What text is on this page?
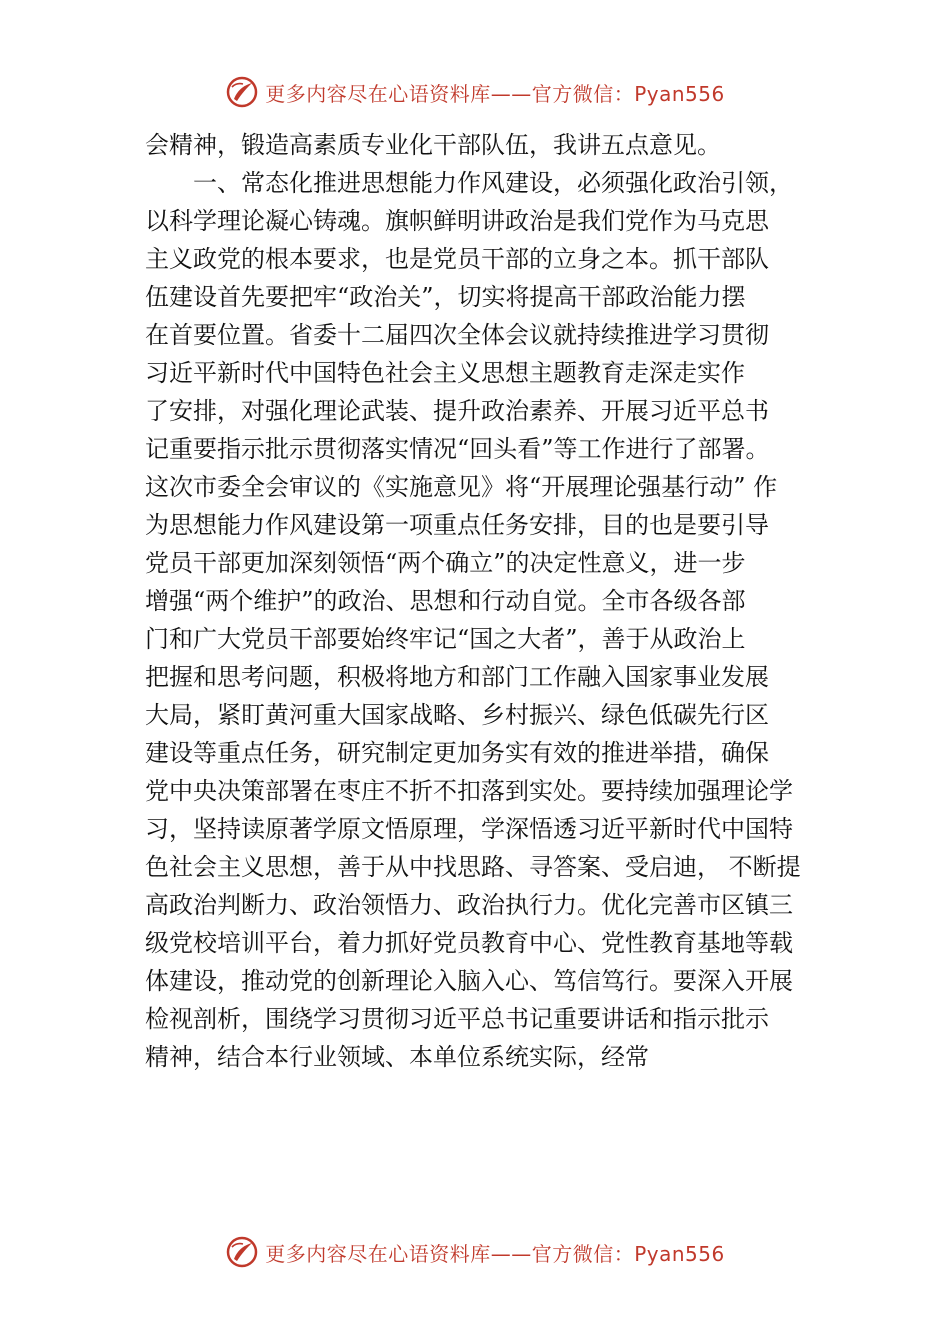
更多内容尽在心语资料库——官方微信：Pyan556
会精神，锻造高素质专业化干部队伍，我讲五点意见。
　　一、常态化推进思想能力作风建设，必须强化政治引领，
以科学理论凝心铸魂。旗帜鲜明讲政治是我们党作为马克思
主义政党的根本要求，也是党员干部的立身之本。抓干部队
伍建设首先要把牢“政治关”，切实将提高干部政治能力摆
在首要位置。省委十二届四次全体会议就持续推进学习贯彻
习近平新时代中国特色社会主义思想主题教育走深走实作
了安排，对强化理论武装、提升政治素养、开展习近平总书
记重要指示批示贯彻落实情况“回头看”等工作进行了部署。
这次市委全会审议的《实施意见》将“开展理论强基行动” 作
为思想能力作风建设第一项重点任务安排，目的也是要引导
党员干部更加深刻领悟“两个确立”的决定性意义，进一步
增强“两个维护”的政治、思想和行动自觉。全市各级各部
门和广大党员干部要始终牢记“国之大者”，善于从政治上
把握和思考问题，积极将地方和部门工作融入国家事业发展
大局，紧盯黄河重大国家战略、乡村振兴、绿色低碳先行区
建设等重点任务，研究制定更加务实有效的推进举措，确保
党中央决策部署在枣庄不折不扣落到实处。要持续加强理论学
习，坚持读原著学原文悟原理，学深悟透习近平新时代中国特
色社会主义思想，善于从中找思路、寻答案、受启迪， 不断提
高政治判断力、政治领悟力、政治执行力。优化完善市区镇三
级党校培训平台，着力抓好党员教育中心、党性教育基地等载
体建设，推动党的创新理论入脑入心、笃信笃行。要深入开展
检视剖析，围绕学习贯彻习近平总书记重要讲话和指示批示
精神，结合本行业领域、本单位系统实际，经常
更多内容尽在心语资料库——官方微信：Pyan556
